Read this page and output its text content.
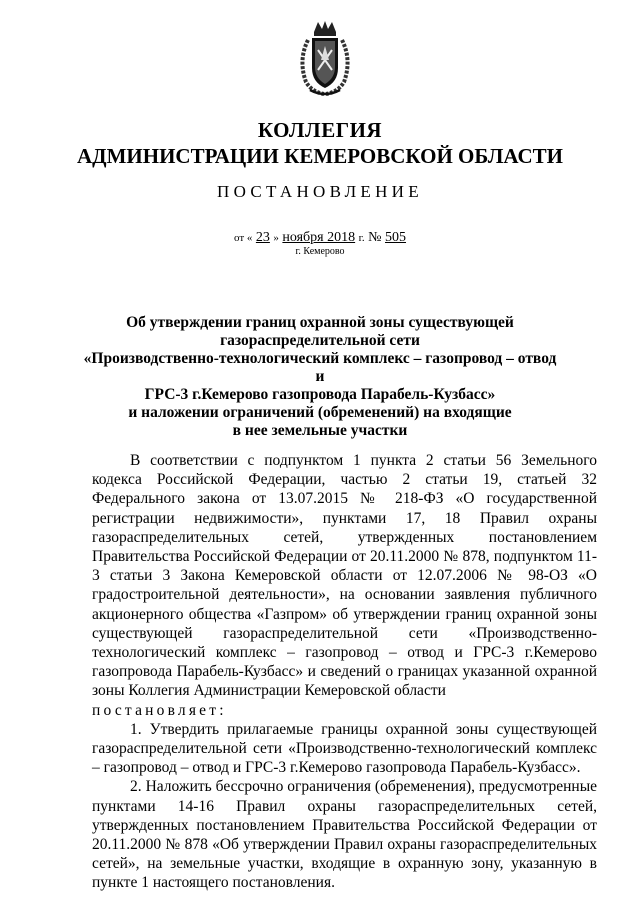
КОЛЛЕГИЯ
АДМИНИСТРАЦИИ КЕМЕРОВСКОЙ ОБЛАСТИ
ПОСТАНОВЛЕНИЕ
от « 23 » ноября 2018 г. № 505
г. Кемерово
Об утверждении границ охранной зоны существующей
газораспределительной сети
«Производственно-технологический комплекс – газопровод – отвод и
ГРС-3 г.Кемерово газопровода Парабель-Кузбасс»
и наложении ограничений (обременений) на входящие
в нее земельные участки

В соответствии с подпунктом 1 пункта 2 статьи 56 Земельного кодекса Российской Федерации, частью 2 статьи 19, статьей 32 Федерального закона от 13.07.2015 № 218-ФЗ «О государственной регистрации недвижимости», пунктами 17, 18 Правил охраны газораспределительных сетей, утвержденных постановлением Правительства Российской Федерации от 20.11.2000 № 878, подпунктом 11-3 статьи 3 Закона Кемеровской области от 12.07.2006 № 98-ОЗ «О градостроительной деятельности», на основании заявления публичного акционерного общества «Газпром» об утверждении границ охранной зоны существующей газораспределительной сети «Производственно-технологический комплекс – газопровод – отвод и ГРС-3 г.Кемерово газопровода Парабель-Кузбасс» и сведений о границах указанной охранной зоны Коллегия Администрации Кемеровской области

постановляет:

1. Утвердить прилагаемые границы охранной зоны существующей газораспределительной сети «Производственно-технологический комплекс – газопровод – отвод и ГРС-3 г.Кемерово газопровода Парабель-Кузбасс».

2. Наложить бессрочно ограничения (обременения), предусмотренные пунктами 14-16 Правил охраны газораспределительных сетей, утвержденных постановлением Правительства Российской Федерации от 20.11.2000 № 878 «Об утверждении Правил охраны газораспределительных сетей», на земельные участки, входящие в охранную зону, указанную в пункте 1 настоящего постановления.
